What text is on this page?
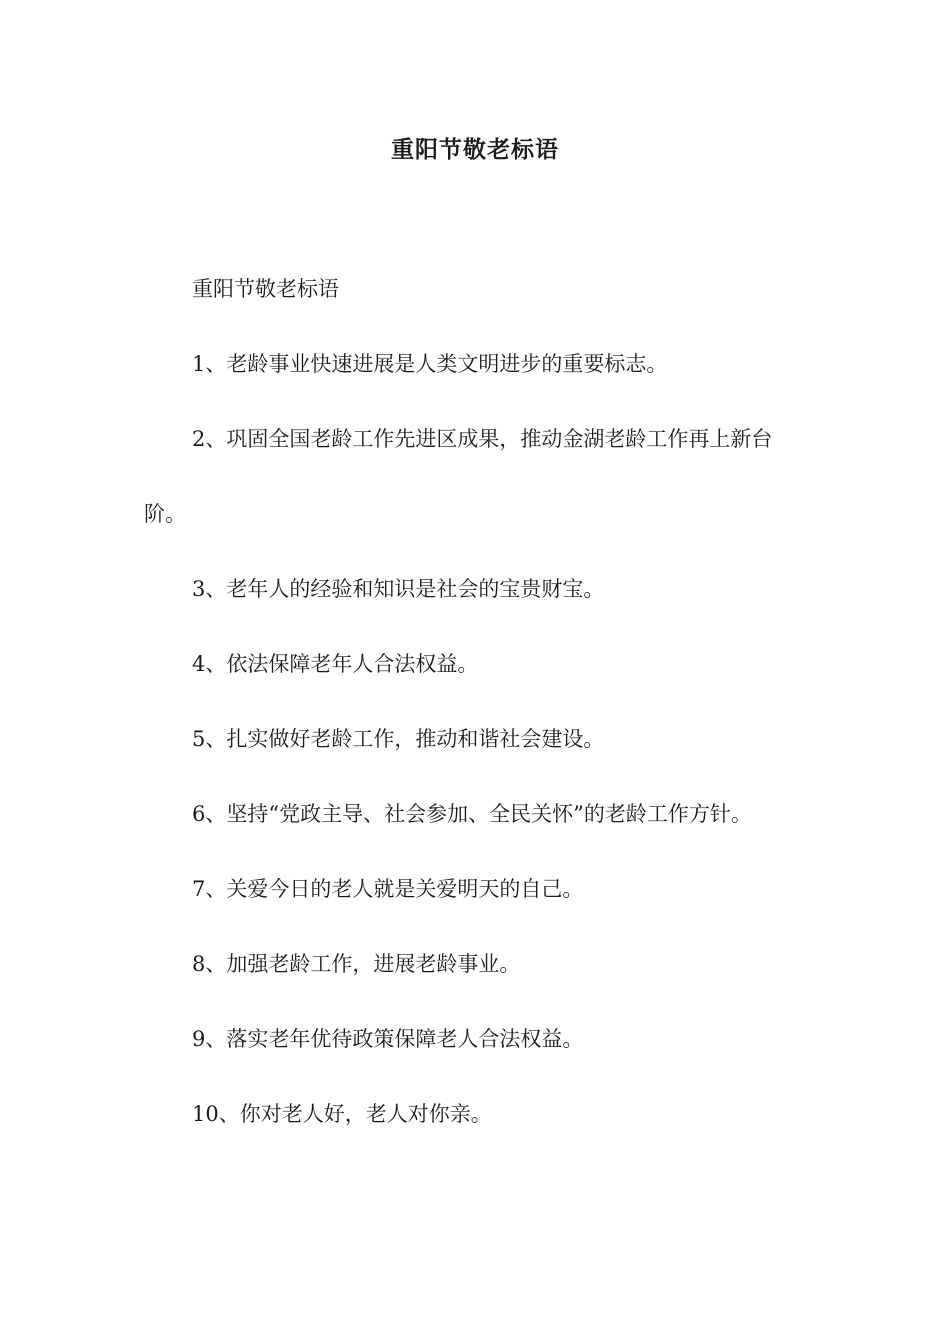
重阳节敬老标语

重阳节敬老标语

1、老龄事业快速进展是人类文明进步的重要标志。

2、巩固全国老龄工作先进区成果，推动金湖老龄工作再上新台阶。

3、老年人的经验和知识是社会的宝贵财宝。

4、依法保障老年人合法权益。

5、扎实做好老龄工作，推动和谐社会建设。

6、坚持“党政主导、社会参加、全民关怀”的老龄工作方针。

7、关爱今日的老人就是关爱明天的自己。

8、加强老龄工作，进展老龄事业。

9、落实老年优待政策保障老人合法权益。

10、你对老人好，老人对你亲。
